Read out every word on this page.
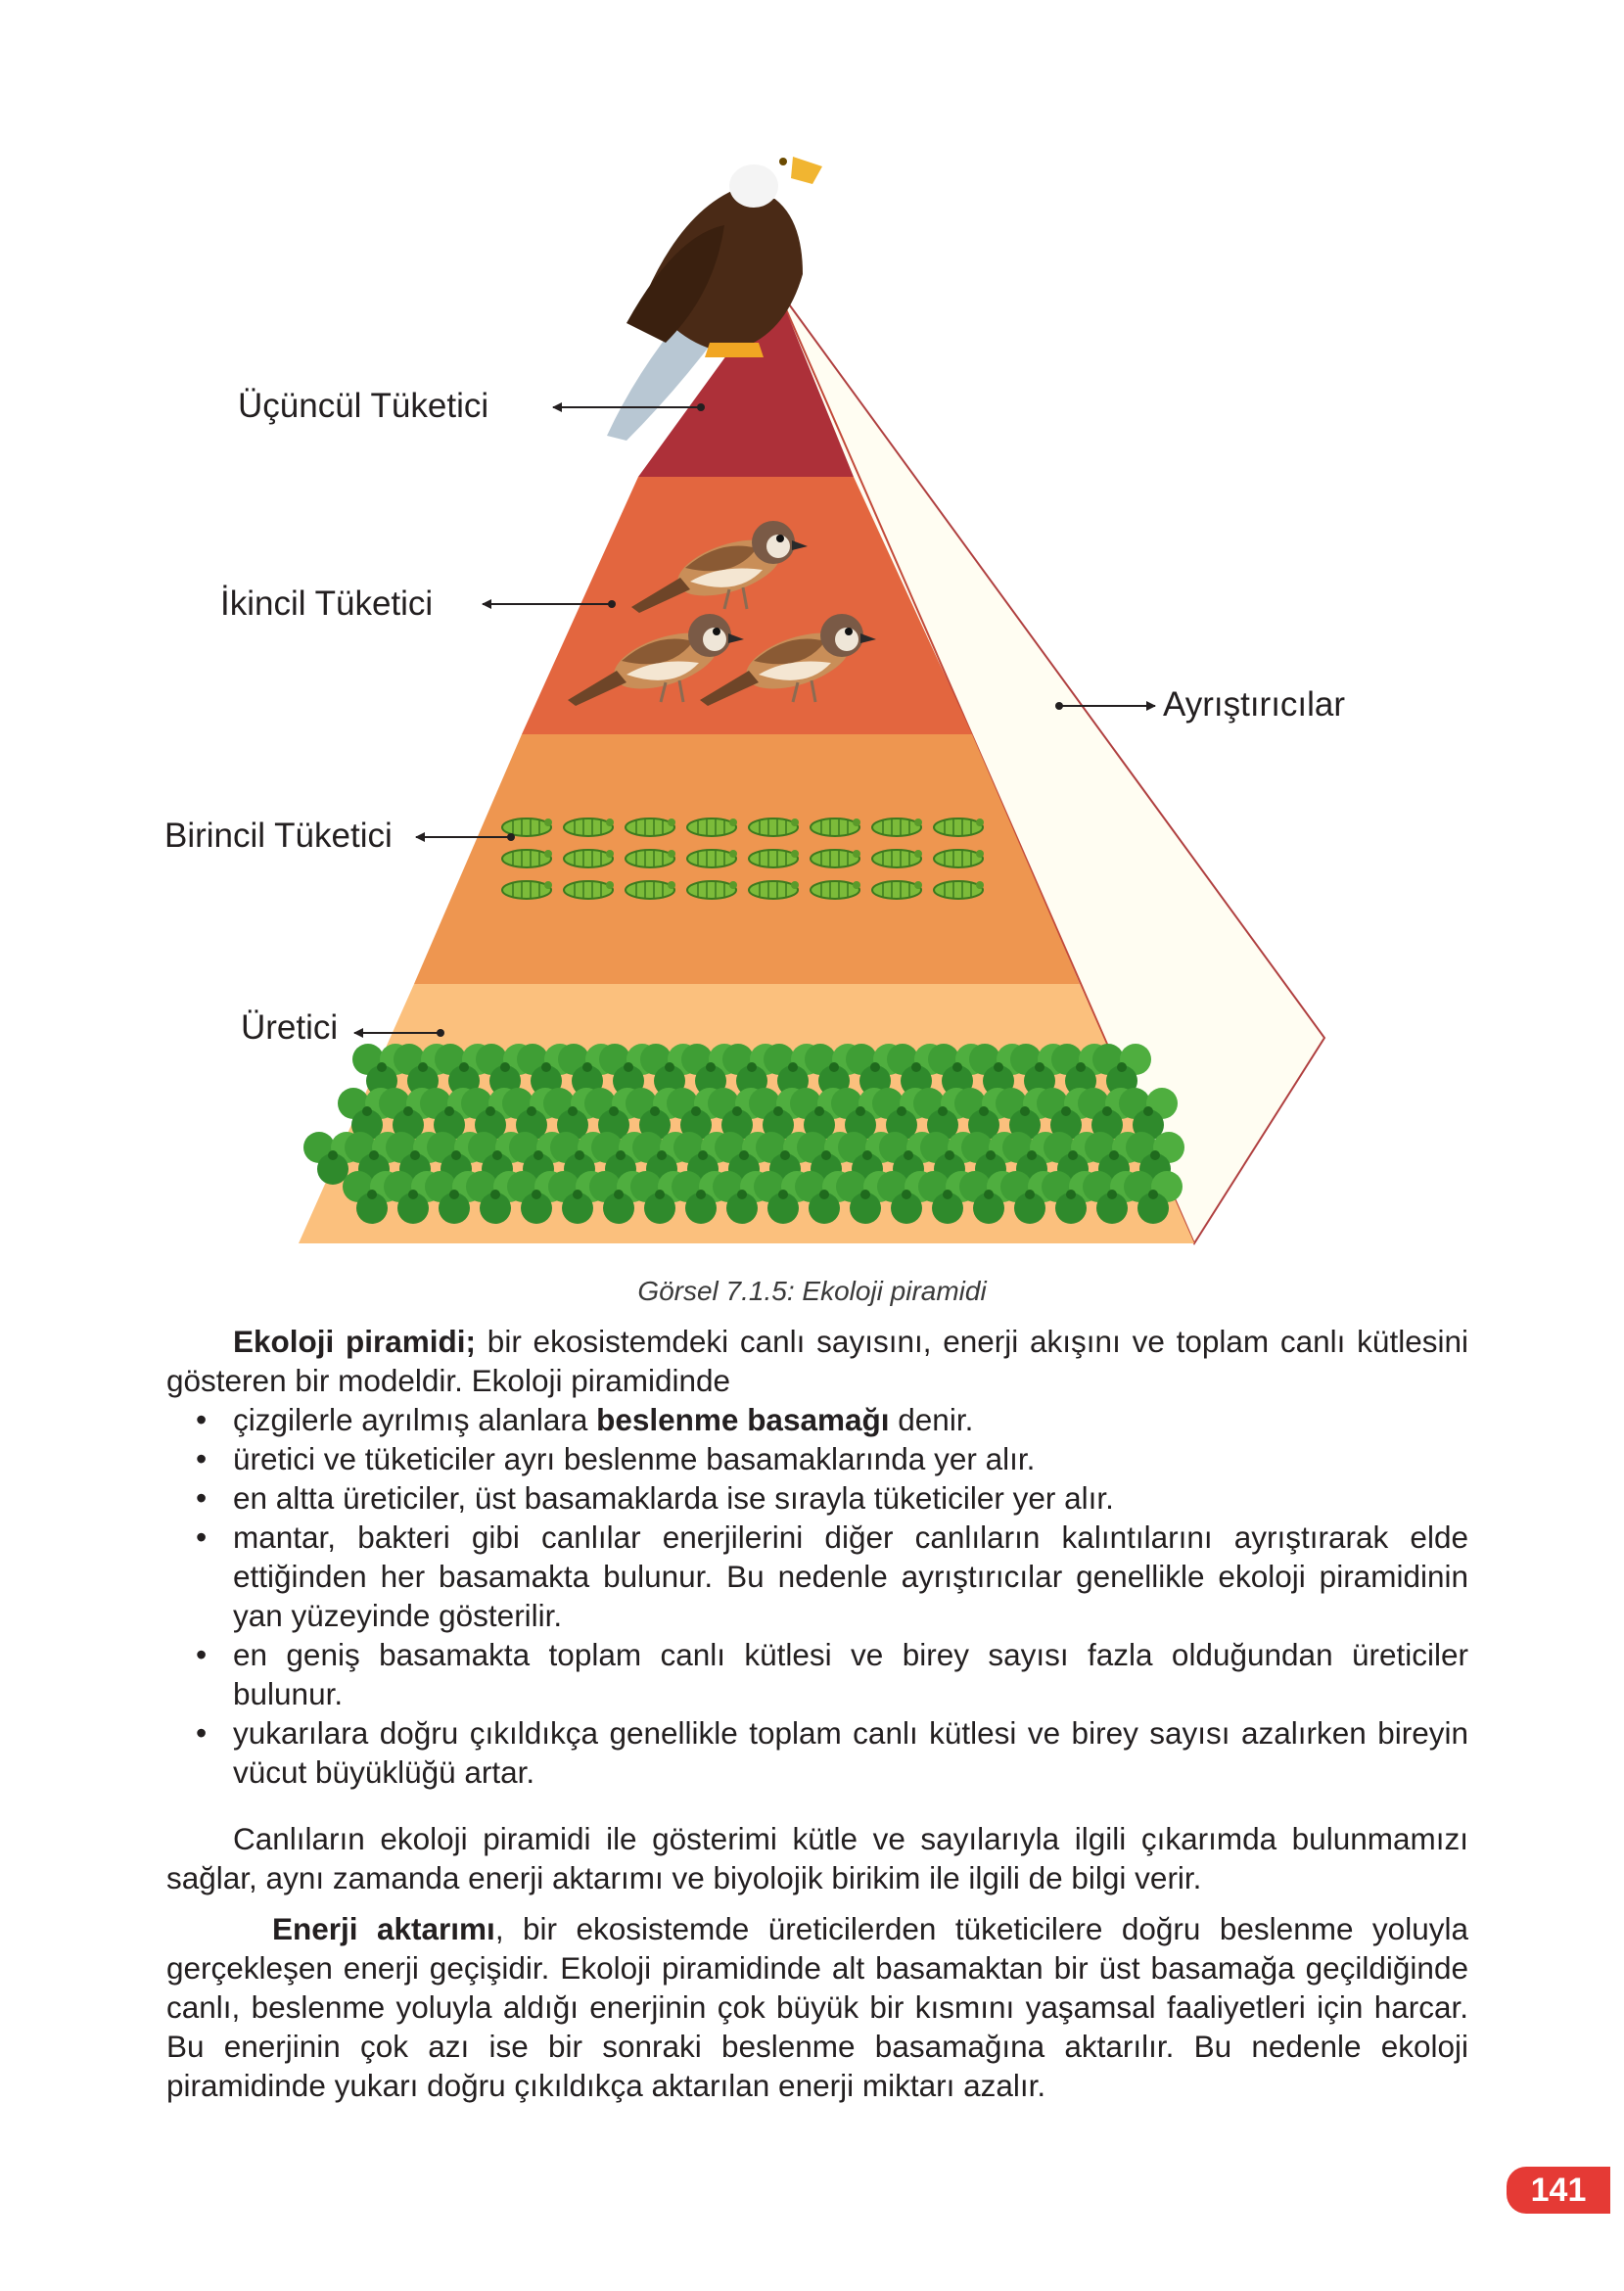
Üçüncül Tüketici
İkincil Tüketici
Birincil Tüketici
Üretici
Ayrıştırıcılar
Görsel 7.1.5: Ekoloji piramidi

Ekoloji piramidi; bir ekosistemdeki canlı sayısını, enerji akışını ve toplam canlı kütlesini gösteren bir modeldir. Ekoloji piramidinde

• çizgilerle ayrılmış alanlara beslenme basamağı denir.
• üretici ve tüketiciler ayrı beslenme basamaklarında yer alır.
• en altta üreticiler, üst basamaklarda ise sırayla tüketiciler yer alır.
• mantar, bakteri gibi canlılar enerjilerini diğer canlıların kalıntılarını ayrıştırarak elde ettiğinden her basamakta bulunur. Bu nedenle ayrıştırıcılar genellikle ekoloji piramidinin yan yüzeyinde gösterilir.
• en geniş basamakta toplam canlı kütlesi ve birey sayısı fazla olduğundan üreticiler bulunur.
• yukarılara doğru çıkıldıkça genellikle toplam canlı kütlesi ve birey sayısı azalırken bireyin vücut büyüklüğü artar.

Canlıların ekoloji piramidi ile gösterimi kütle ve sayılarıyla ilgili çıkarımda bulunmamızı sağlar, aynı zamanda enerji aktarımı ve biyolojik birikim ile ilgili de bilgi verir.

Enerji aktarımı, bir ekosistemde üreticilerden tüketicilere doğru beslenme yoluyla gerçekleşen enerji geçişidir. Ekoloji piramidinde alt basamaktan bir üst basamağa geçildiğinde canlı, beslenme yoluyla aldığı enerjinin çok büyük bir kısmını yaşamsal faaliyetleri için harcar. Bu enerjinin çok azı ise bir sonraki beslenme basamağına aktarılır. Bu nedenle ekoloji piramidinde yukarı doğru çıkıldıkça aktarılan enerji miktarı azalır.

141
